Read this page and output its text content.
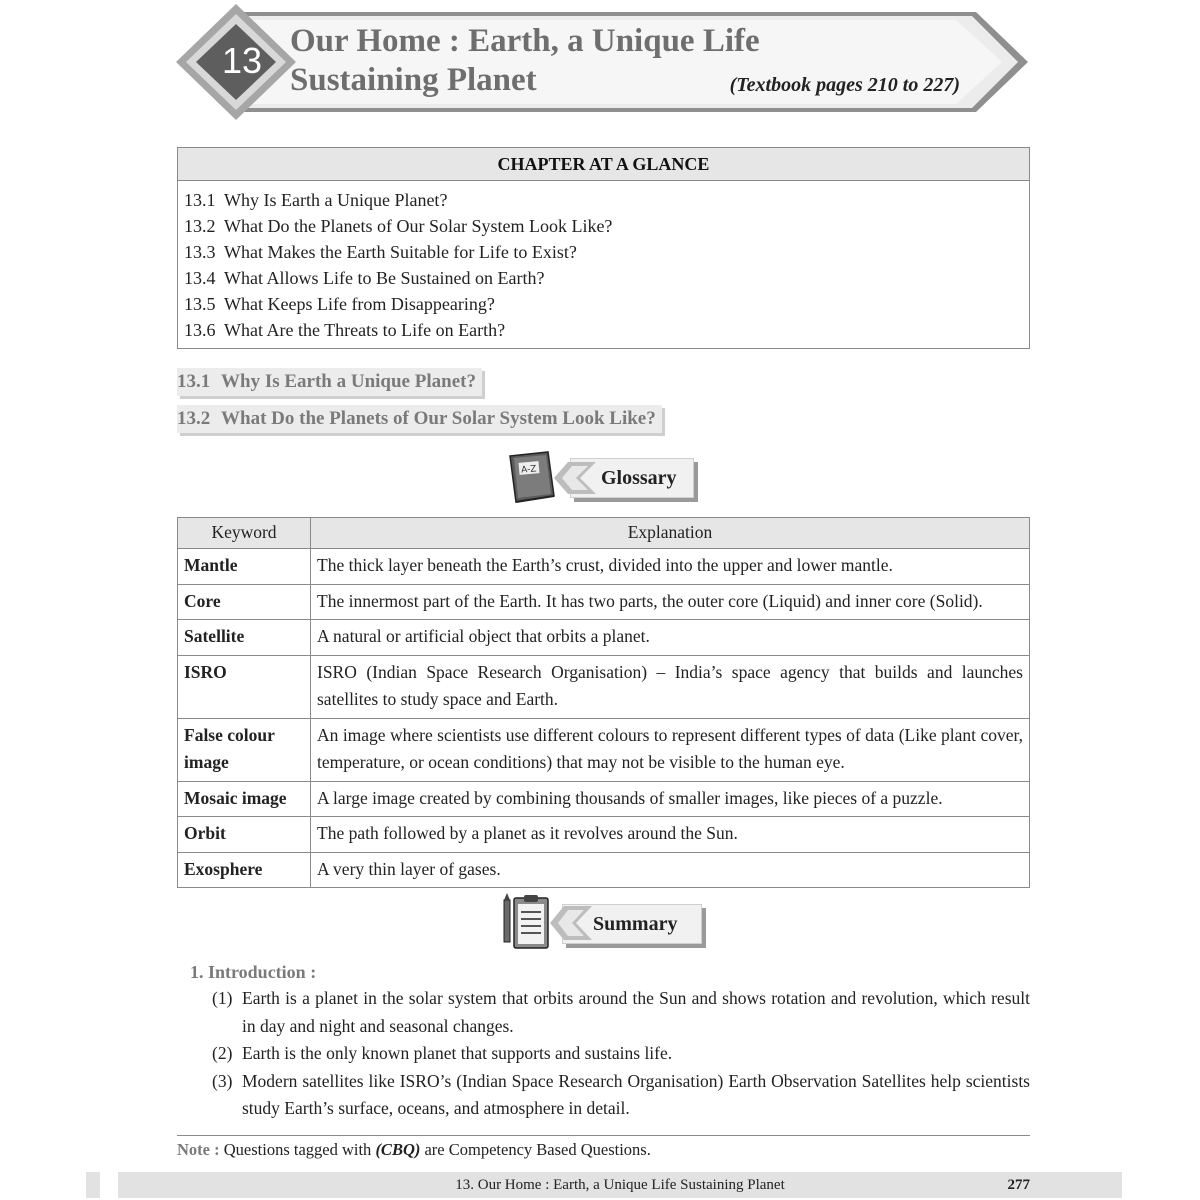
13 Our Home : Earth, a Unique Life
Sustaining Planet	(Textbook pages 210 to 227)
CHAPTER AT A GLANCE
13.1 Why Is Earth a Unique Planet?
13.2 What Do the Planets of Our Solar System Look Like?
13.3 What Makes the Earth Suitable for Life to Exist?
13.4 What Allows Life to Be Sustained on Earth?
13.5 What Keeps Life from Disappearing?
13.6 What Are the Threats to Life on Earth?
13.1 Why Is Earth a Unique Planet?
13.2 What Do the Planets of Our Solar System Look Like?
Glossary
A-Z
Keyword	Explanation
Mantle	The thick layer beneath the Earth’s crust, divided into the upper and lower mantle.
Core	The innermost part of the Earth. It has two parts, the outer core (Liquid) and inner core (Solid).
Satellite	A natural or artificial object that orbits a planet.
ISRO	ISRO (Indian Space Research Organisation) – India’s space agency that builds and launches satellites to study space and Earth.
False colour image	An image where scientists use different colours to represent different types of data (Like plant cover, temperature, or ocean conditions) that may not be visible to the human eye.
Mosaic image	A large image created by combining thousands of smaller images, like pieces of a puzzle.
Orbit	The path followed by a planet as it revolves around the Sun.
Exosphere	A very thin layer of gases.
Summary
1. Introduction :
(1) Earth is a planet in the solar system that orbits around the Sun and shows rotation and revolution, which result in day and night and seasonal changes.
(2) Earth is the only known planet that supports and sustains life.
(3) Modern satellites like ISRO’s (Indian Space Research Organisation) Earth Observation Satellites help scientists study Earth’s surface, oceans, and atmosphere in detail.
Note : Questions tagged with (CBQ) are Competency Based Questions.
13. Our Home : Earth, a Unique Life Sustaining Planet	277
